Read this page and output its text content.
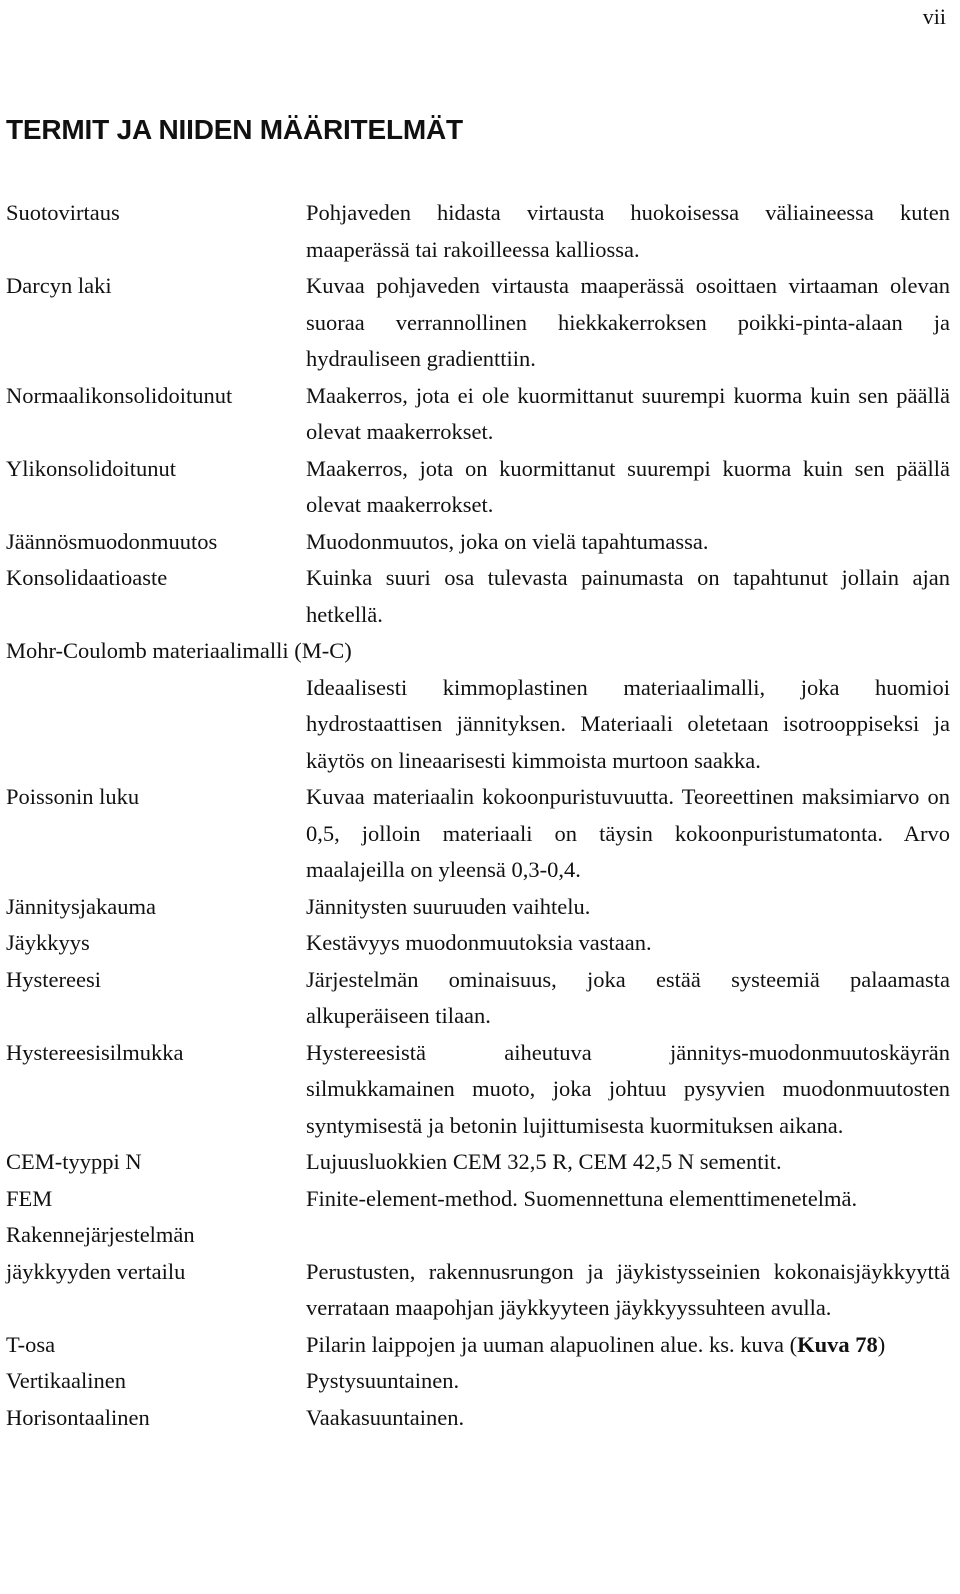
vii
TERMIT JA NIIDEN MÄÄRITELMÄT
Suotovirtaus	Pohjaveden hidasta virtausta huokoisessa väliaineessa kuten maaperässä tai rakoilleessa kalliossa.
Darcyn laki	Kuvaa pohjaveden virtausta maaperässä osoittaen virtaaman olevan suoraa verrannollinen hiekkakerroksen poikki-pinta-alaan ja hydrauliseen gradienttiin.
Normaalikonsolidoitunut	Maakerros, jota ei ole kuormittanut suurempi kuorma kuin sen päällä olevat maakerrokset.
Ylikonsolidoitunut	Maakerros, jota on kuormittanut suurempi kuorma kuin sen päällä olevat maakerrokset.
Jäännösmuodonmuutos	Muodonmuutos, joka on vielä tapahtumassa.
Konsolidaatioaste	Kuinka suuri osa tulevasta painumasta on tapahtunut jollain ajan hetkellä.
Mohr-Coulomb materiaalimalli (M-C)
Ideaalisesti kimmoplastinen materiaalimalli, joka huomioi hydrostaattisen jännityksen. Materiaali oletetaan isotrooppiseksi ja käytös on lineaarisesti kimmoista murtoon saakka.
Poissonin luku	Kuvaa materiaalin kokoonpuristuvuutta. Teoreettinen maksimiarvo on 0,5, jolloin materiaali on täysin kokoonpuristumatonta. Arvo maalajeilla on yleensä 0,3-0,4.
Jännitysjakauma	Jännitysten suuruuden vaihtelu.
Jäykkyys	Kestävyys muodonmuutoksia vastaan.
Hystereesi	Järjestelmän ominaisuus, joka estää systeemiä palaamasta alkuperäiseen tilaan.
Hystereesisilmukka	Hystereesistä aiheutuva jännitys-muodonmuutoskäyrän silmukkamainen muoto, joka johtuu pysyvien muodonmuutosten syntymisestä ja betonin lujittumisesta kuormituksen aikana.
CEM-tyyppi N	Lujuusluokkien CEM 32,5 R, CEM 42,5 N sementit.
FEM	Finite-element-method. Suomennettuna elementtimenetelmä.
Rakennejärjestelmän
jäykkyyden vertailu	Perustusten, rakennusrungon ja jäykistysseinien kokonaisjäykkyyttä verrataan maapohjan jäykkyyteen jäykkyyssuhteen avulla.
T-osa	Pilarin laippojen ja uuman alapuolinen alue. ks. kuva (Kuva 78)
Vertikaalinen	Pystysuuntainen.
Horisontaalinen	Vaakasuuntainen.
